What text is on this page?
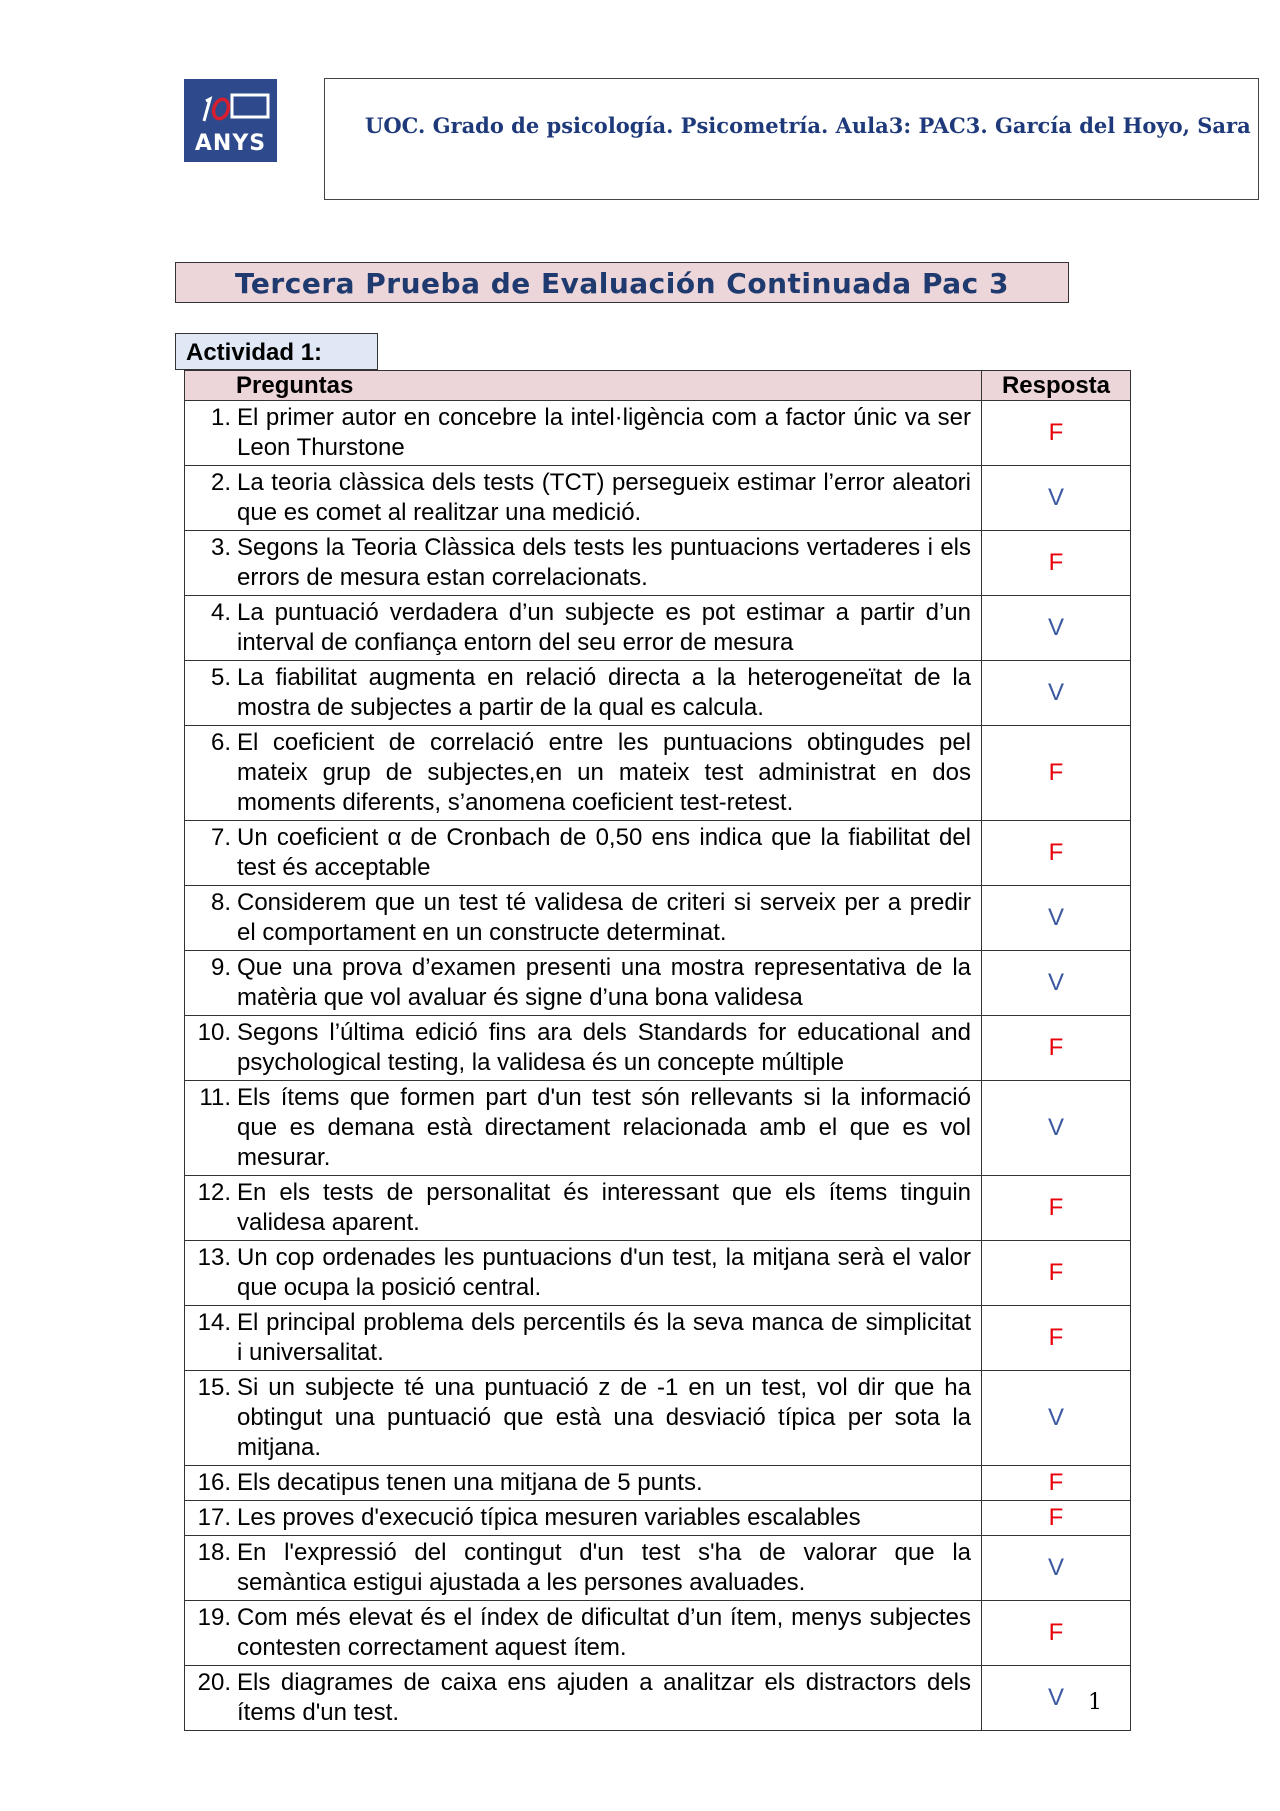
ANYS
UOC. Grado de psicología. Psicometría. Aula3: PAC3. García del Hoyo, Sara
Tercera Prueba de Evaluación Continuada Pac 3
Actividad 1:
Preguntas	Resposta

1. El primer autor en concebre la intel·ligència com a factor únic va ser Leon Thurstone	F

2. La teoria clàssica dels tests (TCT) persegueix estimar l’error aleatori que es comet al realitzar una medició.	V

3. Segons la Teoria Clàssica dels tests les puntuacions vertaderes i els errors de mesura estan correlacionats.	F

4. La puntuació verdadera d’un subjecte es pot estimar a partir d’un interval de confiança entorn del seu error de mesura	V

5. La fiabilitat augmenta en relació directa a la heterogeneïtat de la mostra de subjectes a partir de la qual es calcula.	V

6. El coeficient de correlació entre les puntuacions obtingudes pel mateix grup de subjectes,en un mateix test administrat en dos moments diferents, s’anomena coeficient test-retest.	F

7. Un coeficient α de Cronbach de 0,50 ens indica que la fiabilitat del test és acceptable	F

8. Considerem que un test té validesa de criteri si serveix per a predir el comportament en un constructe determinat.	V

9. Que una prova d’examen presenti una mostra representativa de la matèria que vol avaluar és signe d’una bona validesa	V

10. Segons l’última edició fins ara dels Standards for educational and psychological testing, la validesa és un concepte múltiple	F

11. Els ítems que formen part d'un test són rellevants si la informació que es demana està directament relacionada amb el que es vol mesurar.	V

12. En els tests de personalitat és interessant que els ítems tinguin validesa aparent.	F

13. Un cop ordenades les puntuacions d'un test, la mitjana serà el valor que ocupa la posició central.	F

14. El principal problema dels percentils és la seva manca de simplicitat i universalitat.	F

15. Si un subjecte té una puntuació z de -1 en un test, vol dir que ha obtingut una puntuació que està una desviació típica per sota la mitjana.	V

16. Els decatipus tenen una mitjana de 5 punts.	F

17. Les proves d'execució típica mesuren variables escalables	F

18. En l'expressió del contingut d'un test s'ha de valorar que la semàntica estigui ajustada a les persones avaluades.	V

19. Com més elevat és el índex de dificultat d’un ítem, menys subjectes contesten correctament aquest ítem.	F

20. Els diagrames de caixa ens ajuden a analitzar els distractors dels ítems d'un test.	V 1
